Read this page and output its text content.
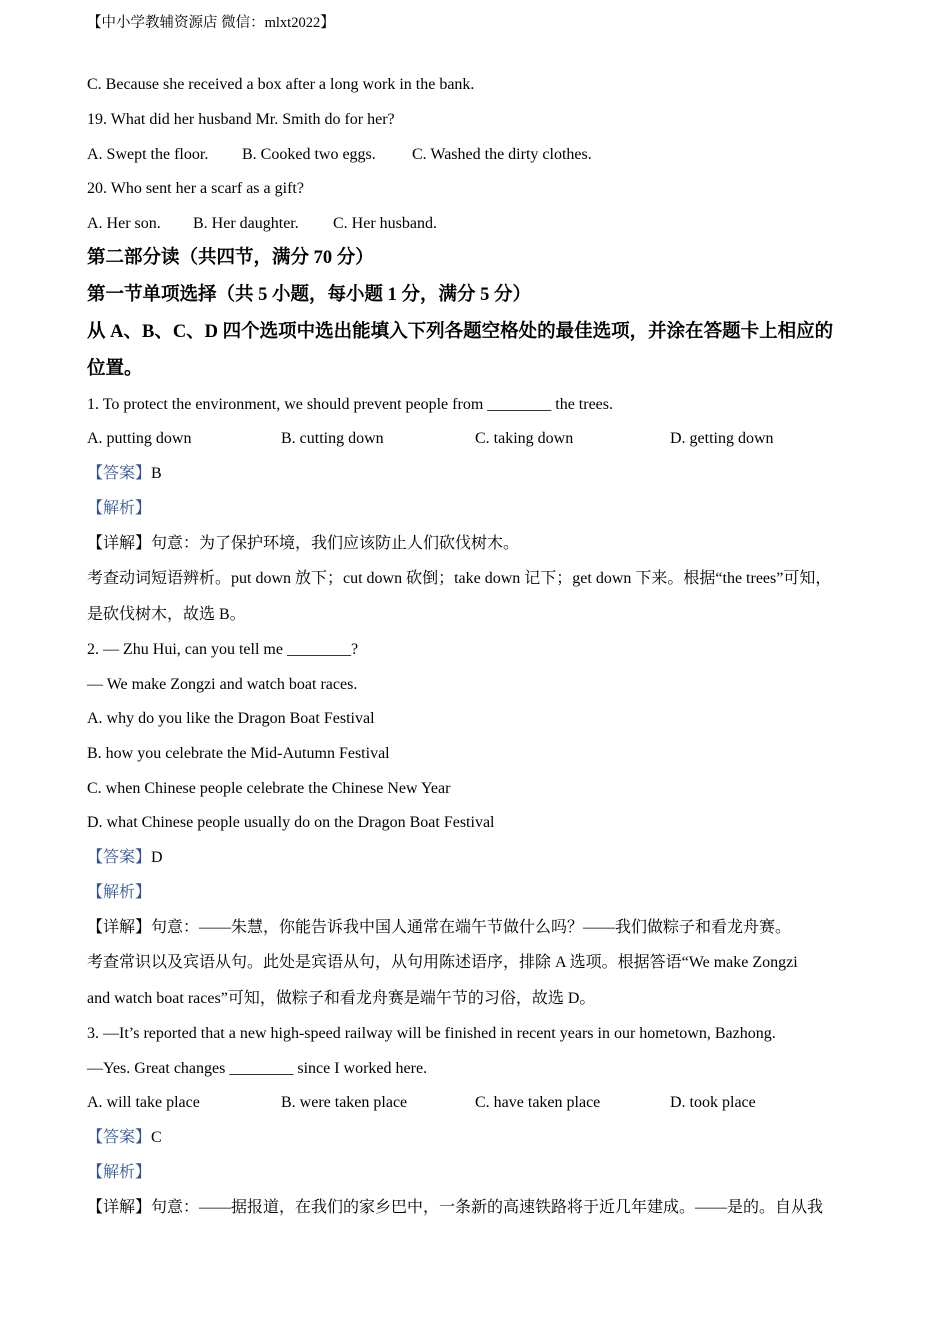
【中小学教辅资源店 微信：mlxt2022】
C. Because she received a box after a long work in the bank.
19. What did her husband Mr. Smith do for her?
A. Swept the floor. B. Cooked two eggs. C. Washed the dirty clothes.
20. Who sent her a scarf as a gift?
A. Her son. B. Her daughter. C. Her husband.
第二部分读（共四节，满分 70 分）
第一节单项选择（共 5 小题，每小题 1 分，满分 5 分）
从 A、B、C、D 四个选项中选出能填入下列各题空格处的最佳选项，并涂在答题卡上相应的
位置。
1. To protect the environment, we should prevent people from ________ the trees.
A. putting down	B. cutting down	C. taking down	D. getting down
【答案】B
【解析】
【详解】句意：为了保护环境，我们应该防止人们砍伐树木。
考查动词短语辨析。put down 放下；cut down 砍倒；take down 记下；get down 下来。根据“the trees”可知，
是砍伐树木，故选 B。
2. — Zhu Hui, can you tell me ________?
— We make Zongzi and watch boat races.
A. why do you like the Dragon Boat Festival
B. how you celebrate the Mid-Autumn Festival
C. when Chinese people celebrate the Chinese New Year
D. what Chinese people usually do on the Dragon Boat Festival
【答案】D
【解析】
【详解】句意：——朱慧，你能告诉我中国人通常在端午节做什么吗？——我们做粽子和看龙舟赛。
考查常识以及宾语从句。此处是宾语从句，从句用陈述语序，排除 A 选项。根据答语“We make Zongzi
and watch boat races”可知，做粽子和看龙舟赛是端午节的习俗，故选 D。
3. —It’s reported that a new high-speed railway will be finished in recent years in our hometown, Bazhong.
—Yes. Great changes ________ since I worked here.
A. will take place	B. were taken place	C. have taken place	D. took place
【答案】C
【解析】
【详解】句意：——据报道，在我们的家乡巴中，一条新的高速铁路将于近几年建成。——是的。自从我
